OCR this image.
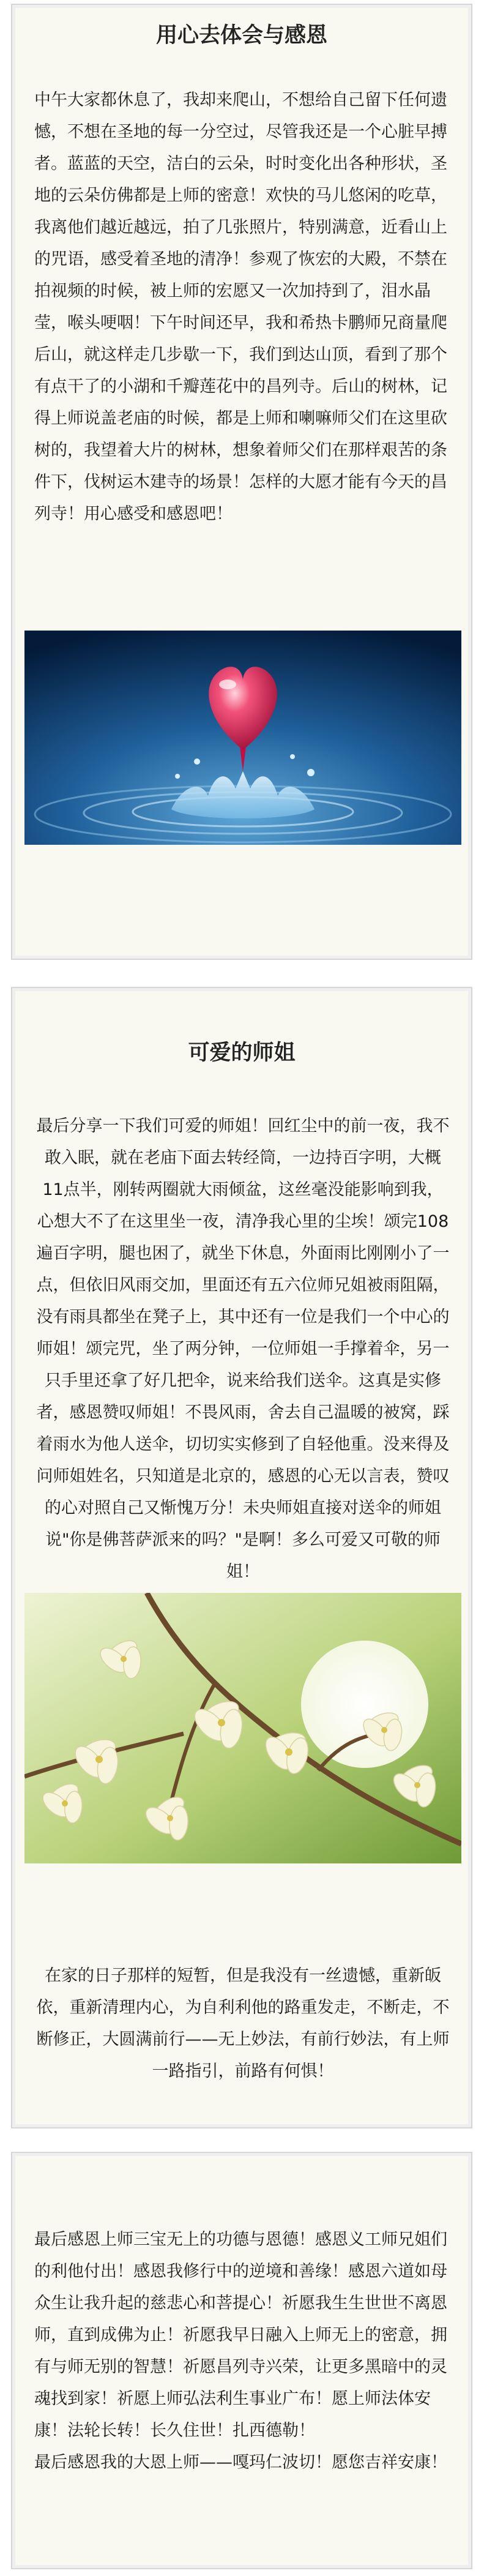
用心去体会与感恩

中午大家都休息了，我却来爬山，不想给自己留下任何遗憾，不想在圣地的每一分空过，尽管我还是一个心脏早搏者。蓝蓝的天空，洁白的云朵，时时变化出各种形状，圣地的云朵仿佛都是上师的密意！欢快的马儿悠闲的吃草，我离他们越近越远，拍了几张照片，特别满意，近看山上的咒语，感受着圣地的清净！参观了恢宏的大殿，不禁在拍视频的时候，被上师的宏愿又一次加持到了，泪水晶莹，喉头哽咽！下午时间还早，我和希热卡鹏师兄商量爬后山，就这样走几步歇一下，我们到达山顶，看到了那个有点干了的小湖和千瓣莲花中的昌列寺。后山的树林，记得上师说盖老庙的时候，都是上师和喇嘛师父们在这里砍树的，我望着大片的树林，想象着师父们在那样艰苦的条件下，伐树运木建寺的场景！怎样的大愿才能有今天的昌列寺！用心感受和感恩吧！

可爱的师姐

最后分享一下我们可爱的师姐！回红尘中的前一夜，我不敢入眠，就在老庙下面去转经筒，一边持百字明，大概11点半，刚转两圈就大雨倾盆，这丝毫没能影响到我，心想大不了在这里坐一夜，清净我心里的尘埃！颂完108遍百字明，腿也困了，就坐下休息，外面雨比刚刚小了一点，但依旧风雨交加，里面还有五六位师兄姐被雨阻隔，没有雨具都坐在凳子上，其中还有一位是我们一个中心的师姐！颂完咒，坐了两分钟，一位师姐一手撑着伞，另一只手里还拿了好几把伞，说来给我们送伞。这真是实修者，感恩赞叹师姐！不畏风雨，舍去自己温暖的被窝，踩着雨水为他人送伞，切切实实修到了自轻他重。没来得及问师姐姓名，只知道是北京的，感恩的心无以言表，赞叹的心对照自己又惭愧万分！未央师姐直接对送伞的师姐说"你是佛菩萨派来的吗？"是啊！多么可爱又可敬的师姐！

在家的日子那样的短暂，但是我没有一丝遗憾，重新皈依，重新清理内心，为自利利他的路重发走，不断走，不断修正，大圆满前行——无上妙法，有前行妙法，有上师一路指引，前路有何惧！

最后感恩上师三宝无上的功德与恩德！感恩义工师兄姐们的利他付出！感恩我修行中的逆境和善缘！感恩六道如母众生让我升起的慈悲心和菩提心！祈愿我生生世世不离恩师，直到成佛为止！祈愿我早日融入上师无上的密意，拥有与师无别的智慧！祈愿昌列寺兴荣，让更多黑暗中的灵魂找到家！祈愿上师弘法利生事业广布！愿上师法体安康！法轮长转！长久住世！扎西德勒！
最后感恩我的大恩上师——嘎玛仁波切！愿您吉祥安康！
